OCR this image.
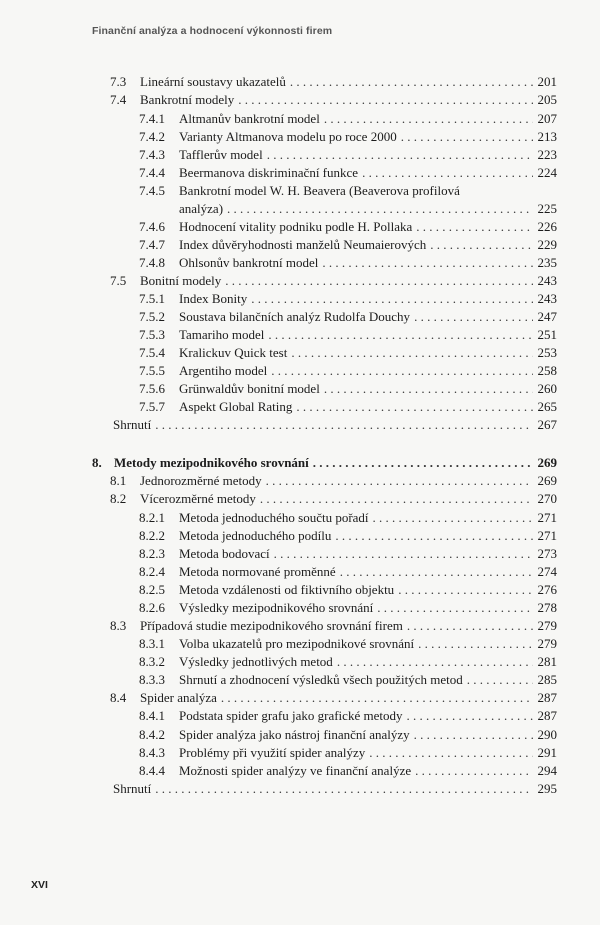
Finanční analýza a hodnocení výkonnosti firem
7.3	Lineární soustavy ukazatelů . . .	201
7.4	Bankrotní modely . . .	205
7.4.1	Altmanův bankrotní model . . .	207
7.4.2	Varianty Altmanova modelu po roce 2000 . . .	213
7.4.3	Tafflerův model . . .	223
7.4.4	Beermanova diskriminační funkce . . .	224
7.4.5	Bankrotní model W. H. Beavera (Beaverova profilová
analýza) . . .	225
7.4.6	Hodnocení vitality podniku podle H. Pollaka . . .	226
7.4.7	Index důvěryhodnosti manželů Neumaierových . . .	229
7.4.8	Ohlsonův bankrotní model . . .	235
7.5	Bonitní modely . . .	243
7.5.1	Index Bonity . . .	243
7.5.2	Soustava bilančních analýz Rudolfa Douchy . . .	247
7.5.3	Tamariho model . . .	251
7.5.4	Kralickuv Quick test . . .	253
7.5.5	Argentiho model . . .	258
7.5.6	Grünwaldův bonitní model . . .	260
7.5.7	Aspekt Global Rating . . .	265
Shrnutí . . .	267
8. Metody mezipodnikového srovnání . . .	269
8.1	Jednorozměrné metody . . .	269
8.2	Vícerozměrné metody . . .	270
8.2.1	Metoda jednoduchého součtu pořadí . . .	271
8.2.2	Metoda jednoduchého podílu . . .	271
8.2.3	Metoda bodovací . . .	273
8.2.4	Metoda normované proměnné . . .	274
8.2.5	Metoda vzdálenosti od fiktivního objektu . . .	276
8.2.6	Výsledky mezipodnikového srovnání . . .	278
8.3	Případová studie mezipodnikového srovnání firem . . .	279
8.3.1	Volba ukazatelů pro mezipodnikové srovnání . . .	279
8.3.2	Výsledky jednotlivých metod . . .	281
8.3.3	Shrnutí a zhodnocení výsledků všech použitých metod . . .	285
8.4	Spider analýza . . .	287
8.4.1	Podstata spider grafu jako grafické metody . . .	287
8.4.2	Spider analýza jako nástroj finanční analýzy . . .	290
8.4.3	Problémy při využití spider analýzy . . .	291
8.4.4	Možnosti spider analýzy ve finanční analýze . . .	294
Shrnutí . . .	295
XVI
